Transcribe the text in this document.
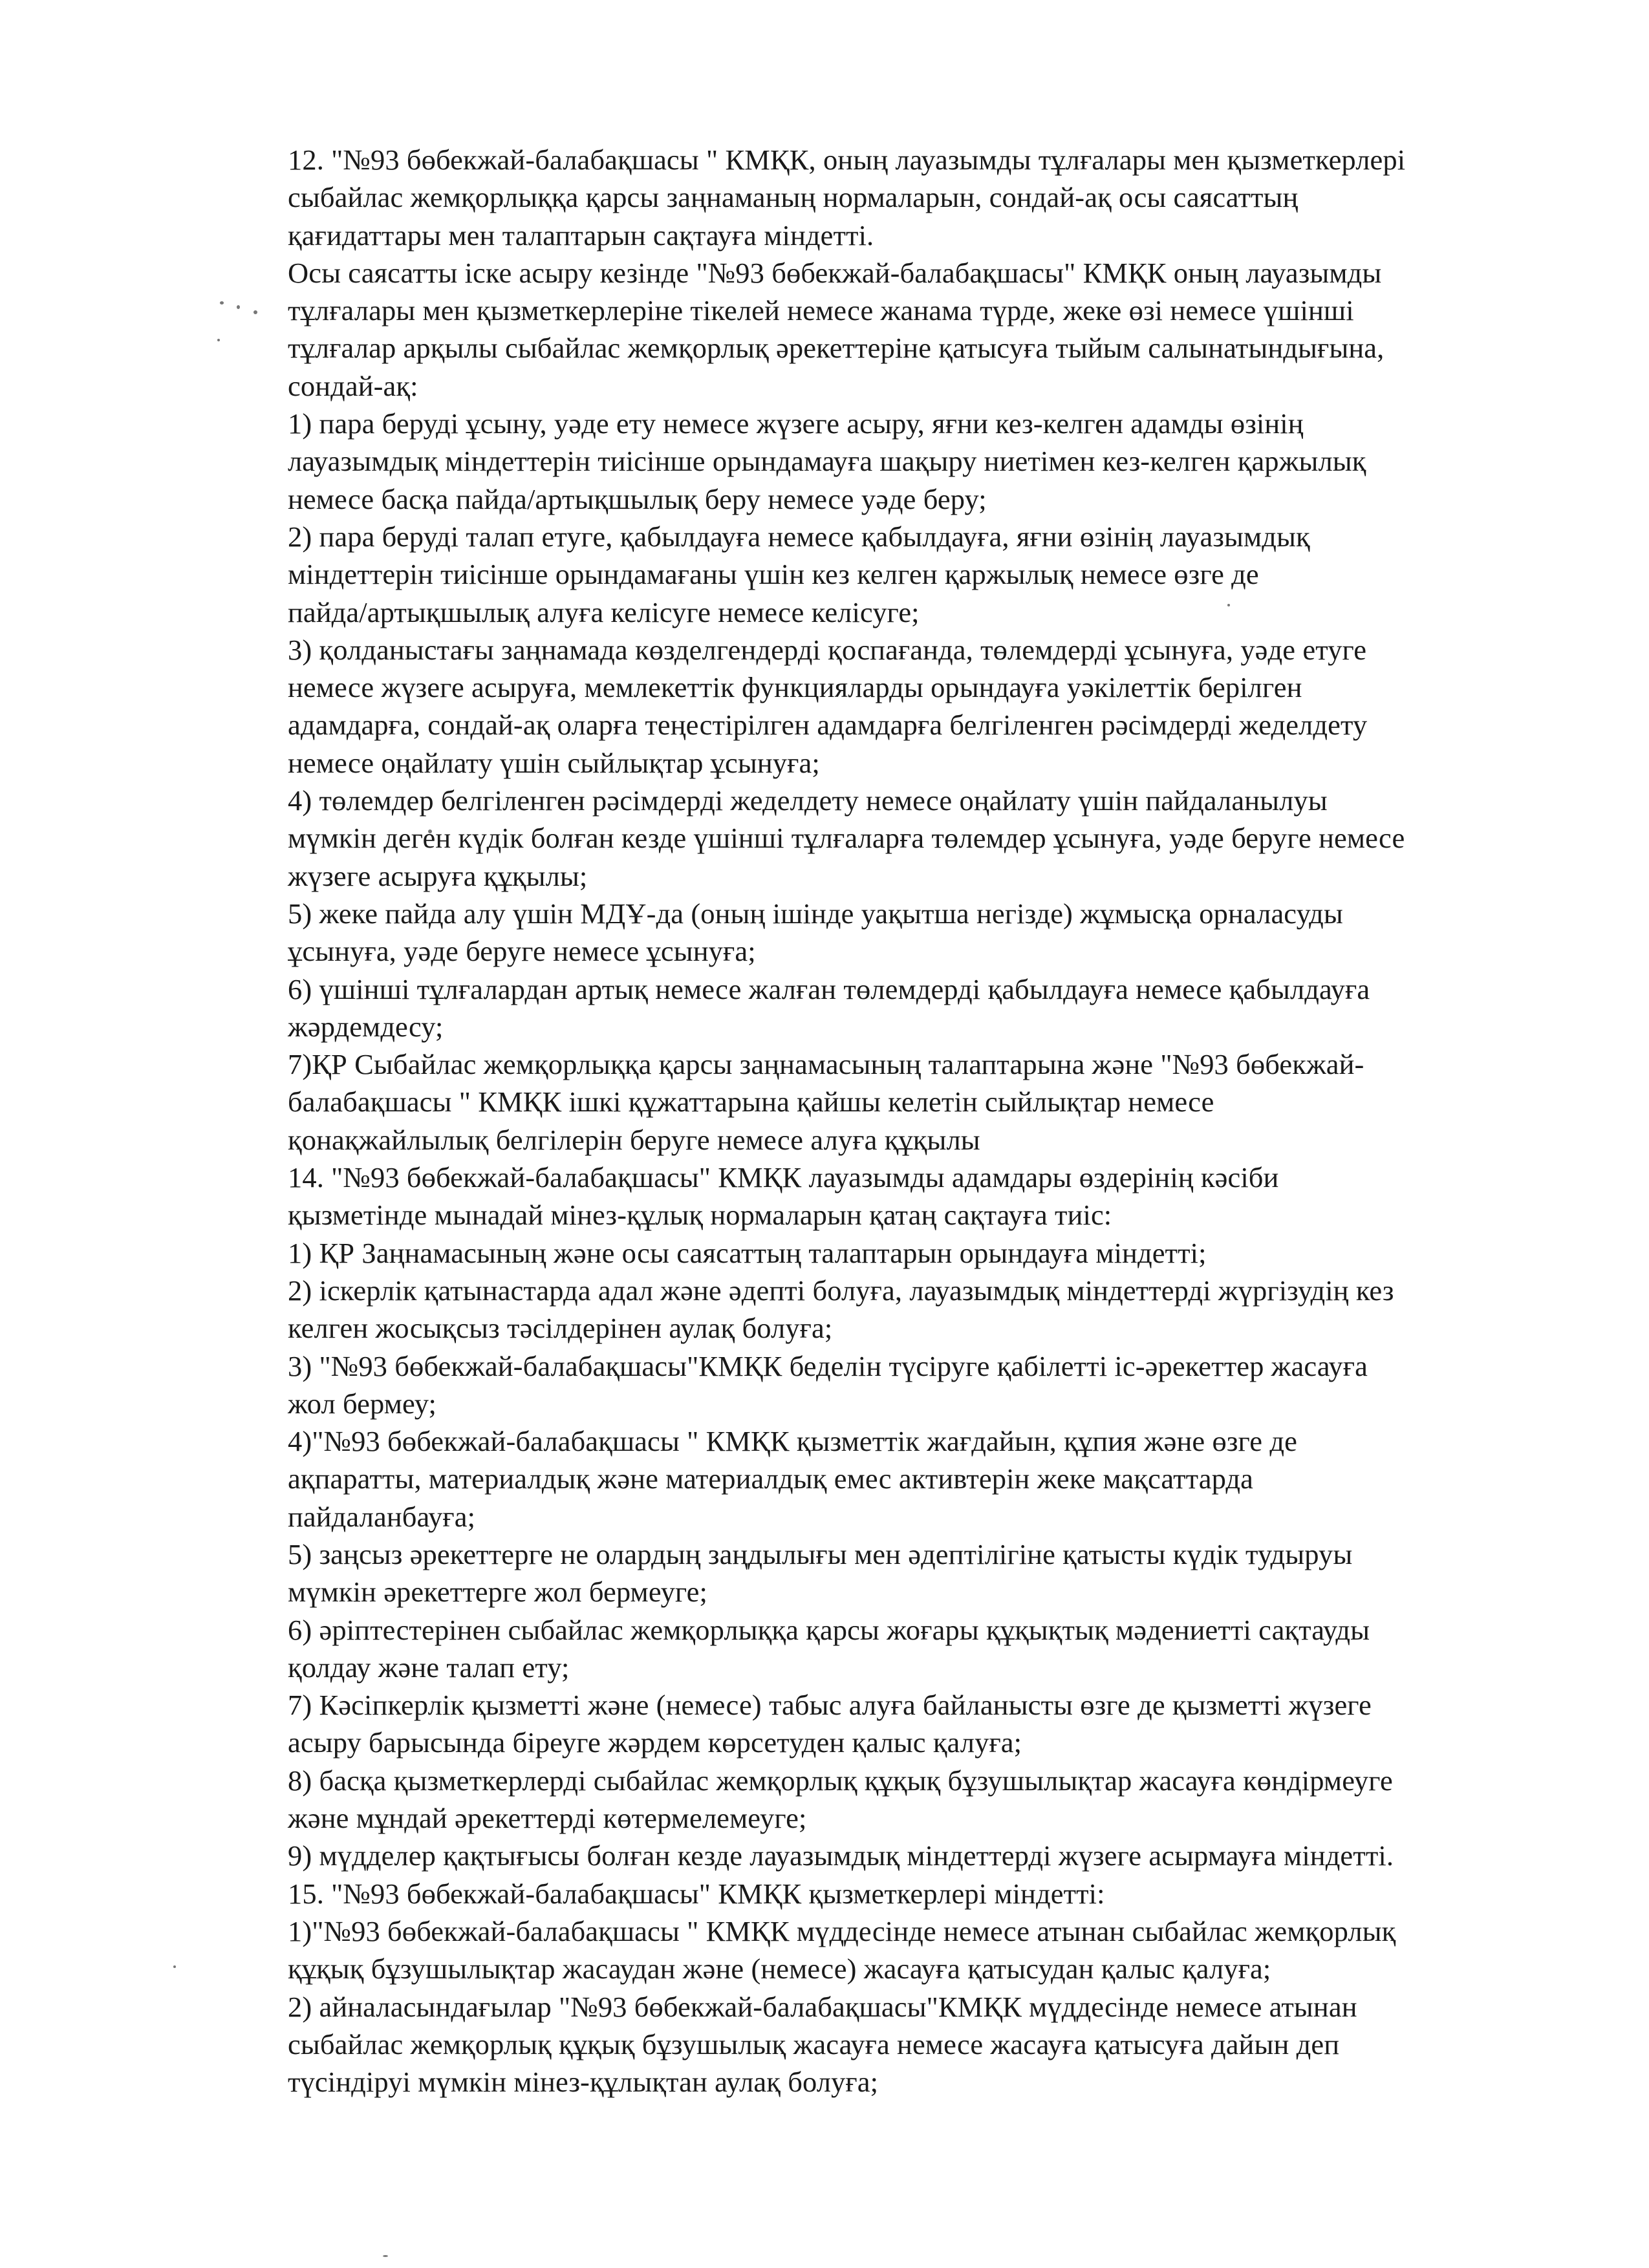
12. "№93 бөбекжай-балабақшасы " КМҚК, оның лауазымды тұлғалары мен қызметкерлері
сыбайлас жемқорлыққа қарсы заңнаманың нормаларын, сондай-ақ осы саясаттың
қағидаттары мен талаптарын сақтауға міндетті.
Осы саясатты іске асыру кезінде "№93 бөбекжай-балабақшасы" КМҚК оның лауазымды
тұлғалары мен қызметкерлеріне тікелей немесе жанама түрде, жеке өзі немесе үшінші
тұлғалар арқылы сыбайлас жемқорлық әрекеттеріне қатысуға тыйым салынатындығына,
сондай-ақ:
1) пара беруді ұсыну, уәде ету немесе жүзеге асыру, яғни кез-келген адамды өзінің
лауазымдық міндеттерін тиісінше орындамауға шақыру ниетімен кез-келген қаржылық
немесе басқа пайда/артықшылық беру немесе уәде беру;
2) пара беруді талап етуге, қабылдауға немесе қабылдауға, яғни өзінің лауазымдық
міндеттерін тиісінше орындамағаны үшін кез келген қаржылық немесе өзге де
пайда/артықшылық алуға келісуге немесе келісуге;
3) қолданыстағы заңнамада көзделгендерді қоспағанда, төлемдерді ұсынуға, уәде етуге
немесе жүзеге асыруға, мемлекеттік функцияларды орындауға уәкілеттік берілген
адамдарға, сондай-ақ оларға теңестірілген адамдарға белгіленген рәсімдерді жеделдету
немесе оңайлату үшін сыйлықтар ұсынуға;
4) төлемдер белгіленген рәсімдерді жеделдету немесе оңайлату үшін пайдаланылуы
мүмкін деген күдік болған кезде үшінші тұлғаларға төлемдер ұсынуға, уәде беруге немесе
жүзеге асыруға құқылы;
5) жеке пайда алу үшін МДҰ-да (оның ішінде уақытша негізде) жұмысқа орналасуды
ұсынуға, уәде беруге немесе ұсынуға;
6) үшінші тұлғалардан артық немесе жалған төлемдерді қабылдауға немесе қабылдауға
жәрдемдесу;
7)ҚР Сыбайлас жемқорлыққа қарсы заңнамасының талаптарына және "№93 бөбекжай-
балабақшасы " КМҚК ішкі құжаттарына қайшы келетін сыйлықтар немесе
қонақжайлылық белгілерін беруге немесе алуға құқылы
14. "№93 бөбекжай-балабақшасы" КМҚК лауазымды адамдары өздерінің кәсіби
қызметінде мынадай мінез-құлық нормаларын қатаң сақтауға тиіс:
1) ҚР Заңнамасының және осы саясаттың талаптарын орындауға міндетті;
2) іскерлік қатынастарда адал және әдепті болуға, лауазымдық міндеттерді жүргізудің кез
келген жосықсыз тәсілдерінен аулақ болуға;
3) "№93 бөбекжай-балабақшасы"КМҚК беделін түсіруге қабілетті іс-әрекеттер жасауға
жол бермеу;
4)"№93 бөбекжай-балабақшасы " КМҚК қызметтік жағдайын, құпия және өзге де
ақпаратты, материалдық және материалдық емес активтерін жеке мақсаттарда
пайдаланбауға;
5) заңсыз әрекеттерге не олардың заңдылығы мен әдептілігіне қатысты күдік тудыруы
мүмкін әрекеттерге жол бермеуге;
6) әріптестерінен сыбайлас жемқорлыққа қарсы жоғары құқықтық мәдениетті сақтауды
қолдау және талап ету;
7) Кәсіпкерлік қызметті және (немесе) табыс алуға байланысты өзге де қызметті жүзеге
асыру барысында біреуге жәрдем көрсетуден қалыс қалуға;
8) басқа қызметкерлерді сыбайлас жемқорлық құқық бұзушылықтар жасауға көндірмеуге
және мұндай әрекеттерді көтермелемеуге;
9) мүдделер қақтығысы болған кезде лауазымдық міндеттерді жүзеге асырмауға міндетті.
15. "№93 бөбекжай-балабақшасы" КМҚК қызметкерлері міндетті:
1)"№93 бөбекжай-балабақшасы " КМҚК мүддесінде немесе атынан сыбайлас жемқорлық
құқық бұзушылықтар жасаудан және (немесе) жасауға қатысудан қалыс қалуға;
2) айналасындағылар "№93 бөбекжай-балабақшасы"КМҚК мүддесінде немесе атынан
сыбайлас жемқорлық құқық бұзушылық жасауға немесе жасауға қатысуға дайын деп
түсіндіруі мүмкін мінез-құлықтан аулақ болуға;
